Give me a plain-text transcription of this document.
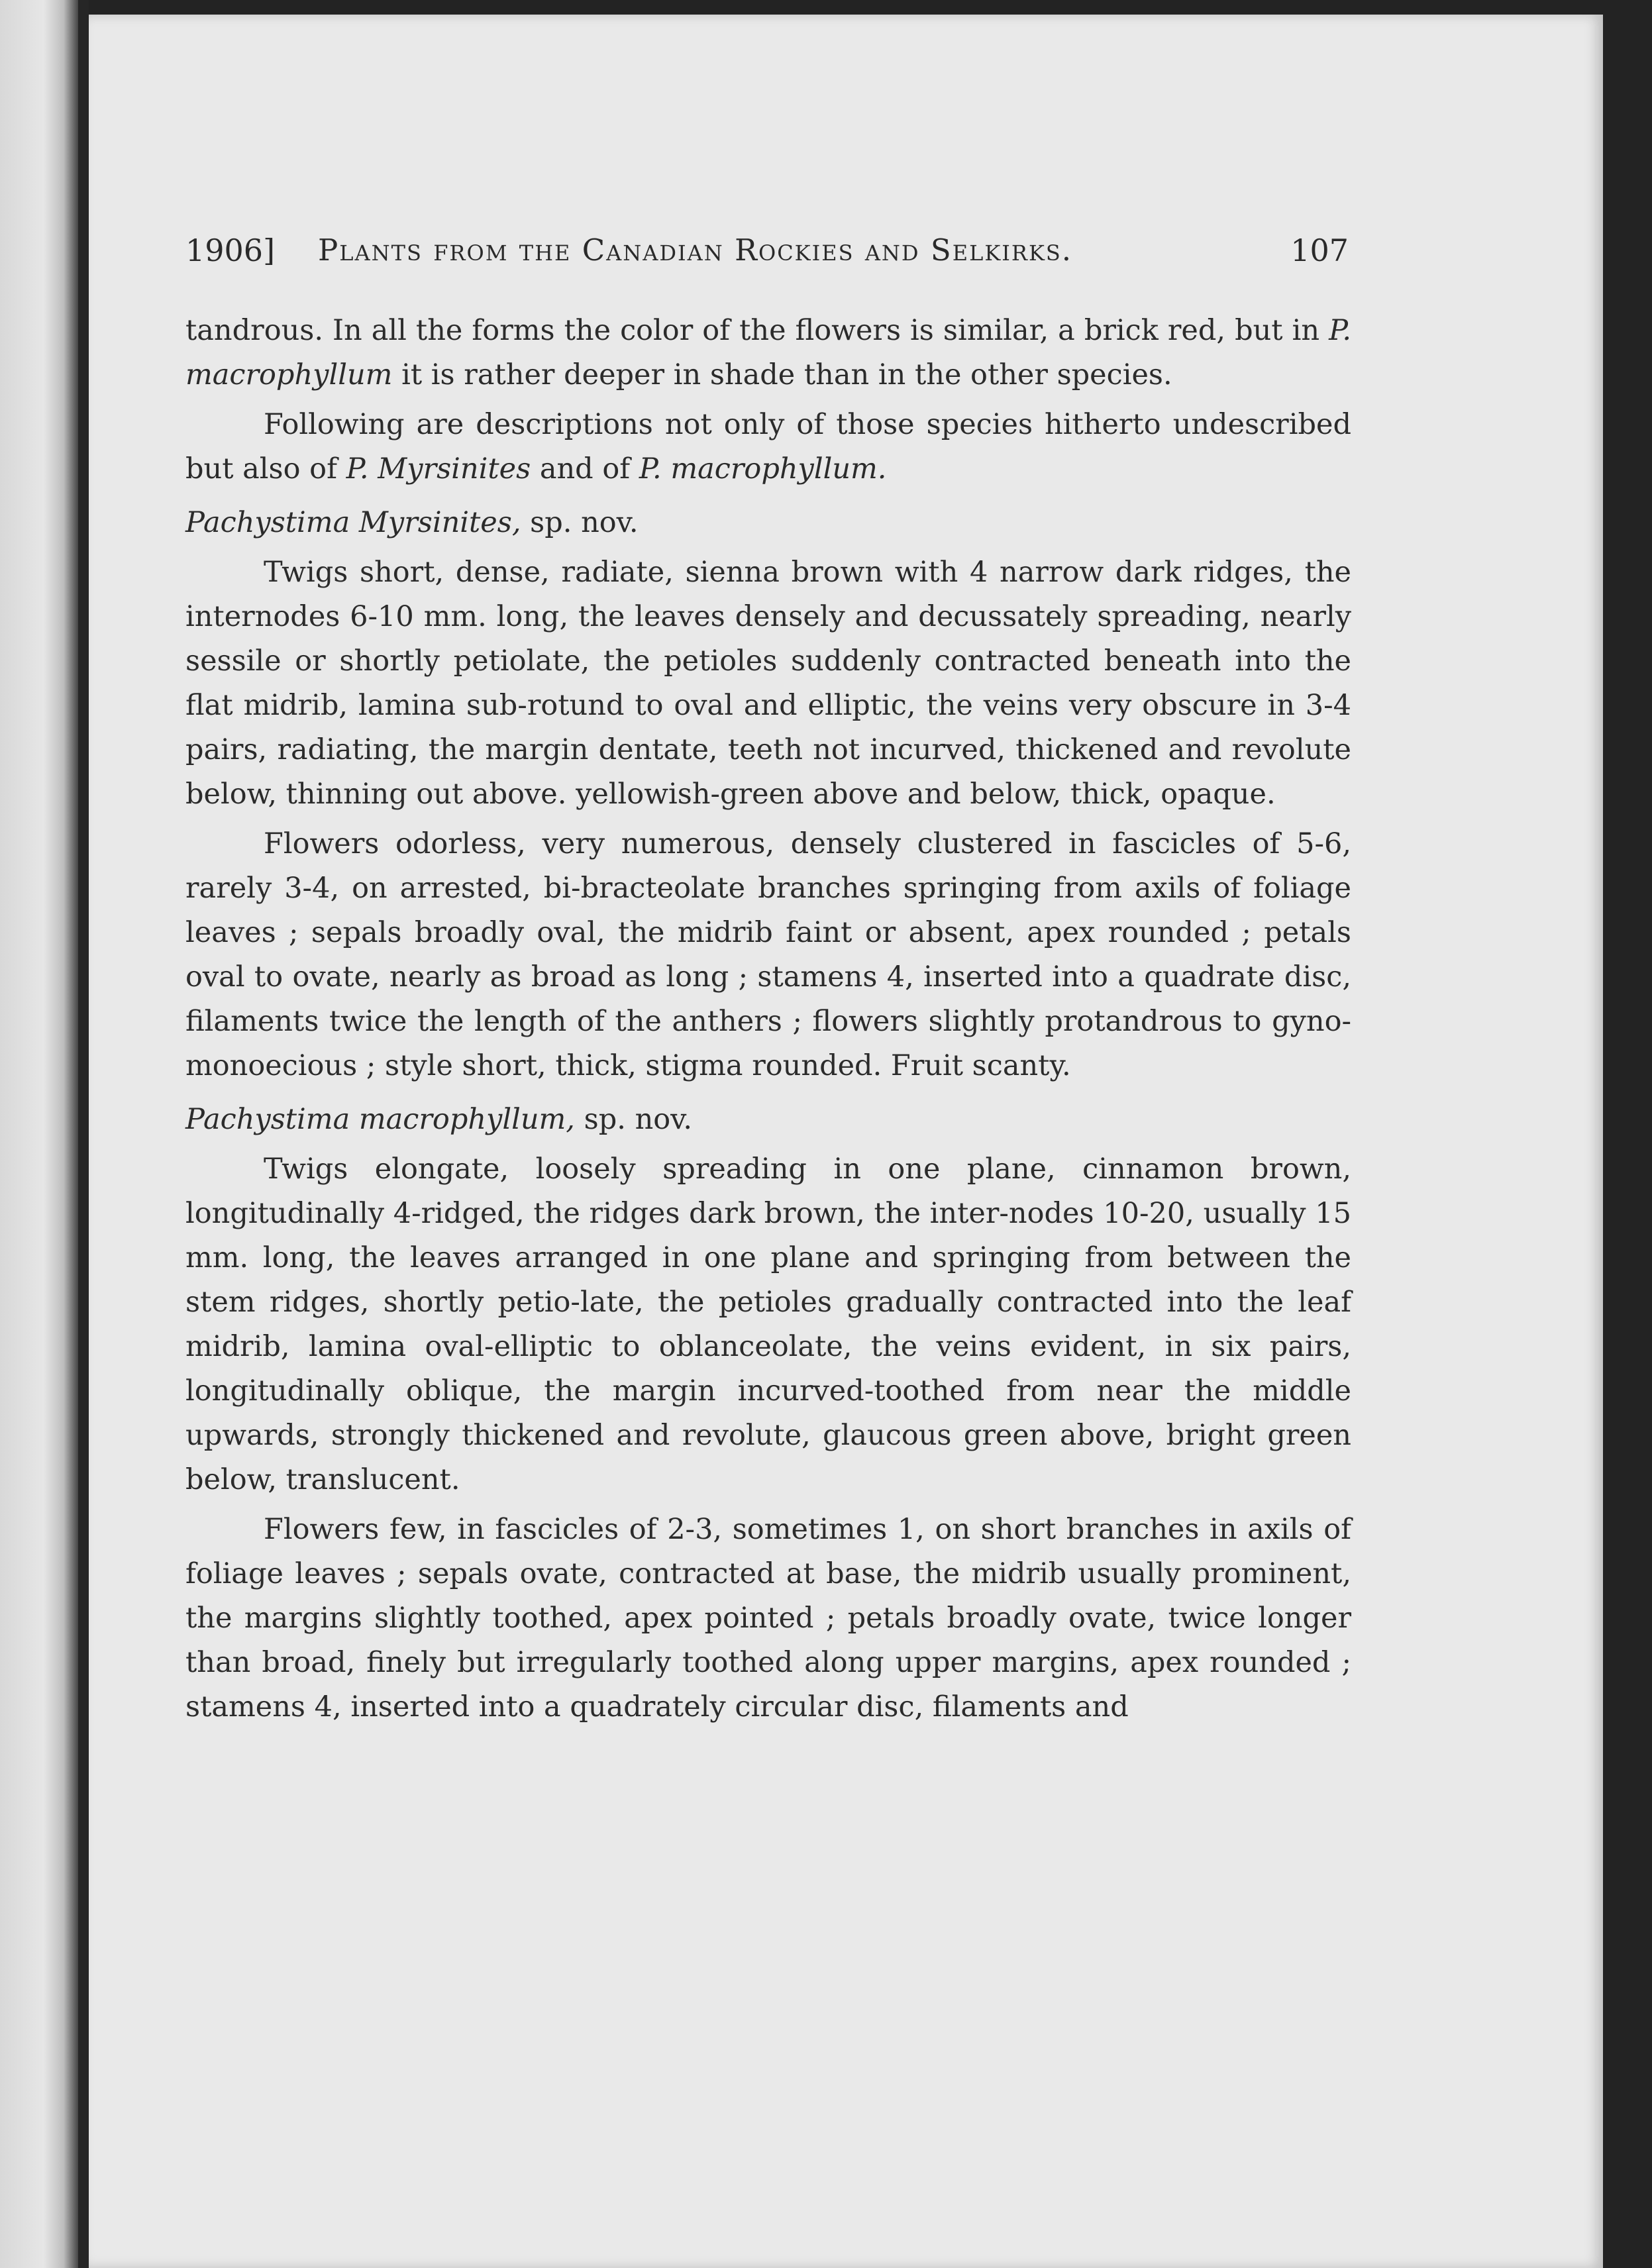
1906] Plants from the Canadian Rockies and Selkirks.	107

tandrous. In all the forms the color of the flowers is similar, a brick red, but in P. macrophyllum it is rather deeper in shade than in the other species.

Following are descriptions not only of those species hitherto undescribed but also of P. Myrsinites and of P. macrophyllum.

Pachystima Myrsinites, sp. nov.

Twigs short, dense, radiate, sienna brown with 4 narrow dark ridges, the internodes 6-10 mm. long, the leaves densely and decussately spreading, nearly sessile or shortly petiolate, the petioles suddenly contracted beneath into the flat midrib, lamina sub-rotund to oval and elliptic, the veins very obscure in 3-4 pairs, radiating, the margin dentate, teeth not incurved, thickened and revolute below, thinning out above. yellowish-green above and below, thick, opaque.

Flowers odorless, very numerous, densely clustered in fascicles of 5-6, rarely 3-4, on arrested, bi-bracteolate branches springing from axils of foliage leaves ; sepals broadly oval, the midrib faint or absent, apex rounded ; petals oval to ovate, nearly as broad as long ; stamens 4, inserted into a quadrate disc, filaments twice the length of the anthers ; flowers slightly protandrous to gyno-monoecious ; style short, thick, stigma rounded. Fruit scanty.

Pachystima macrophyllum, sp. nov.

Twigs elongate, loosely spreading in one plane, cinnamon brown, longitudinally 4-ridged, the ridges dark brown, the inter-nodes 10-20, usually 15 mm. long, the leaves arranged in one plane and springing from between the stem ridges, shortly petio-late, the petioles gradually contracted into the leaf midrib, lamina oval-elliptic to oblanceolate, the veins evident, in six pairs, longitudinally oblique, the margin incurved-toothed from near the middle upwards, strongly thickened and revolute, glaucous green above, bright green below, translucent.

Flowers few, in fascicles of 2-3, sometimes 1, on short branches in axils of foliage leaves ; sepals ovate, contracted at base, the midrib usually prominent, the margins slightly toothed, apex pointed ; petals broadly ovate, twice longer than broad, finely but irregularly toothed along upper margins, apex rounded ; stamens 4, inserted into a quadrately circular disc, filaments and
